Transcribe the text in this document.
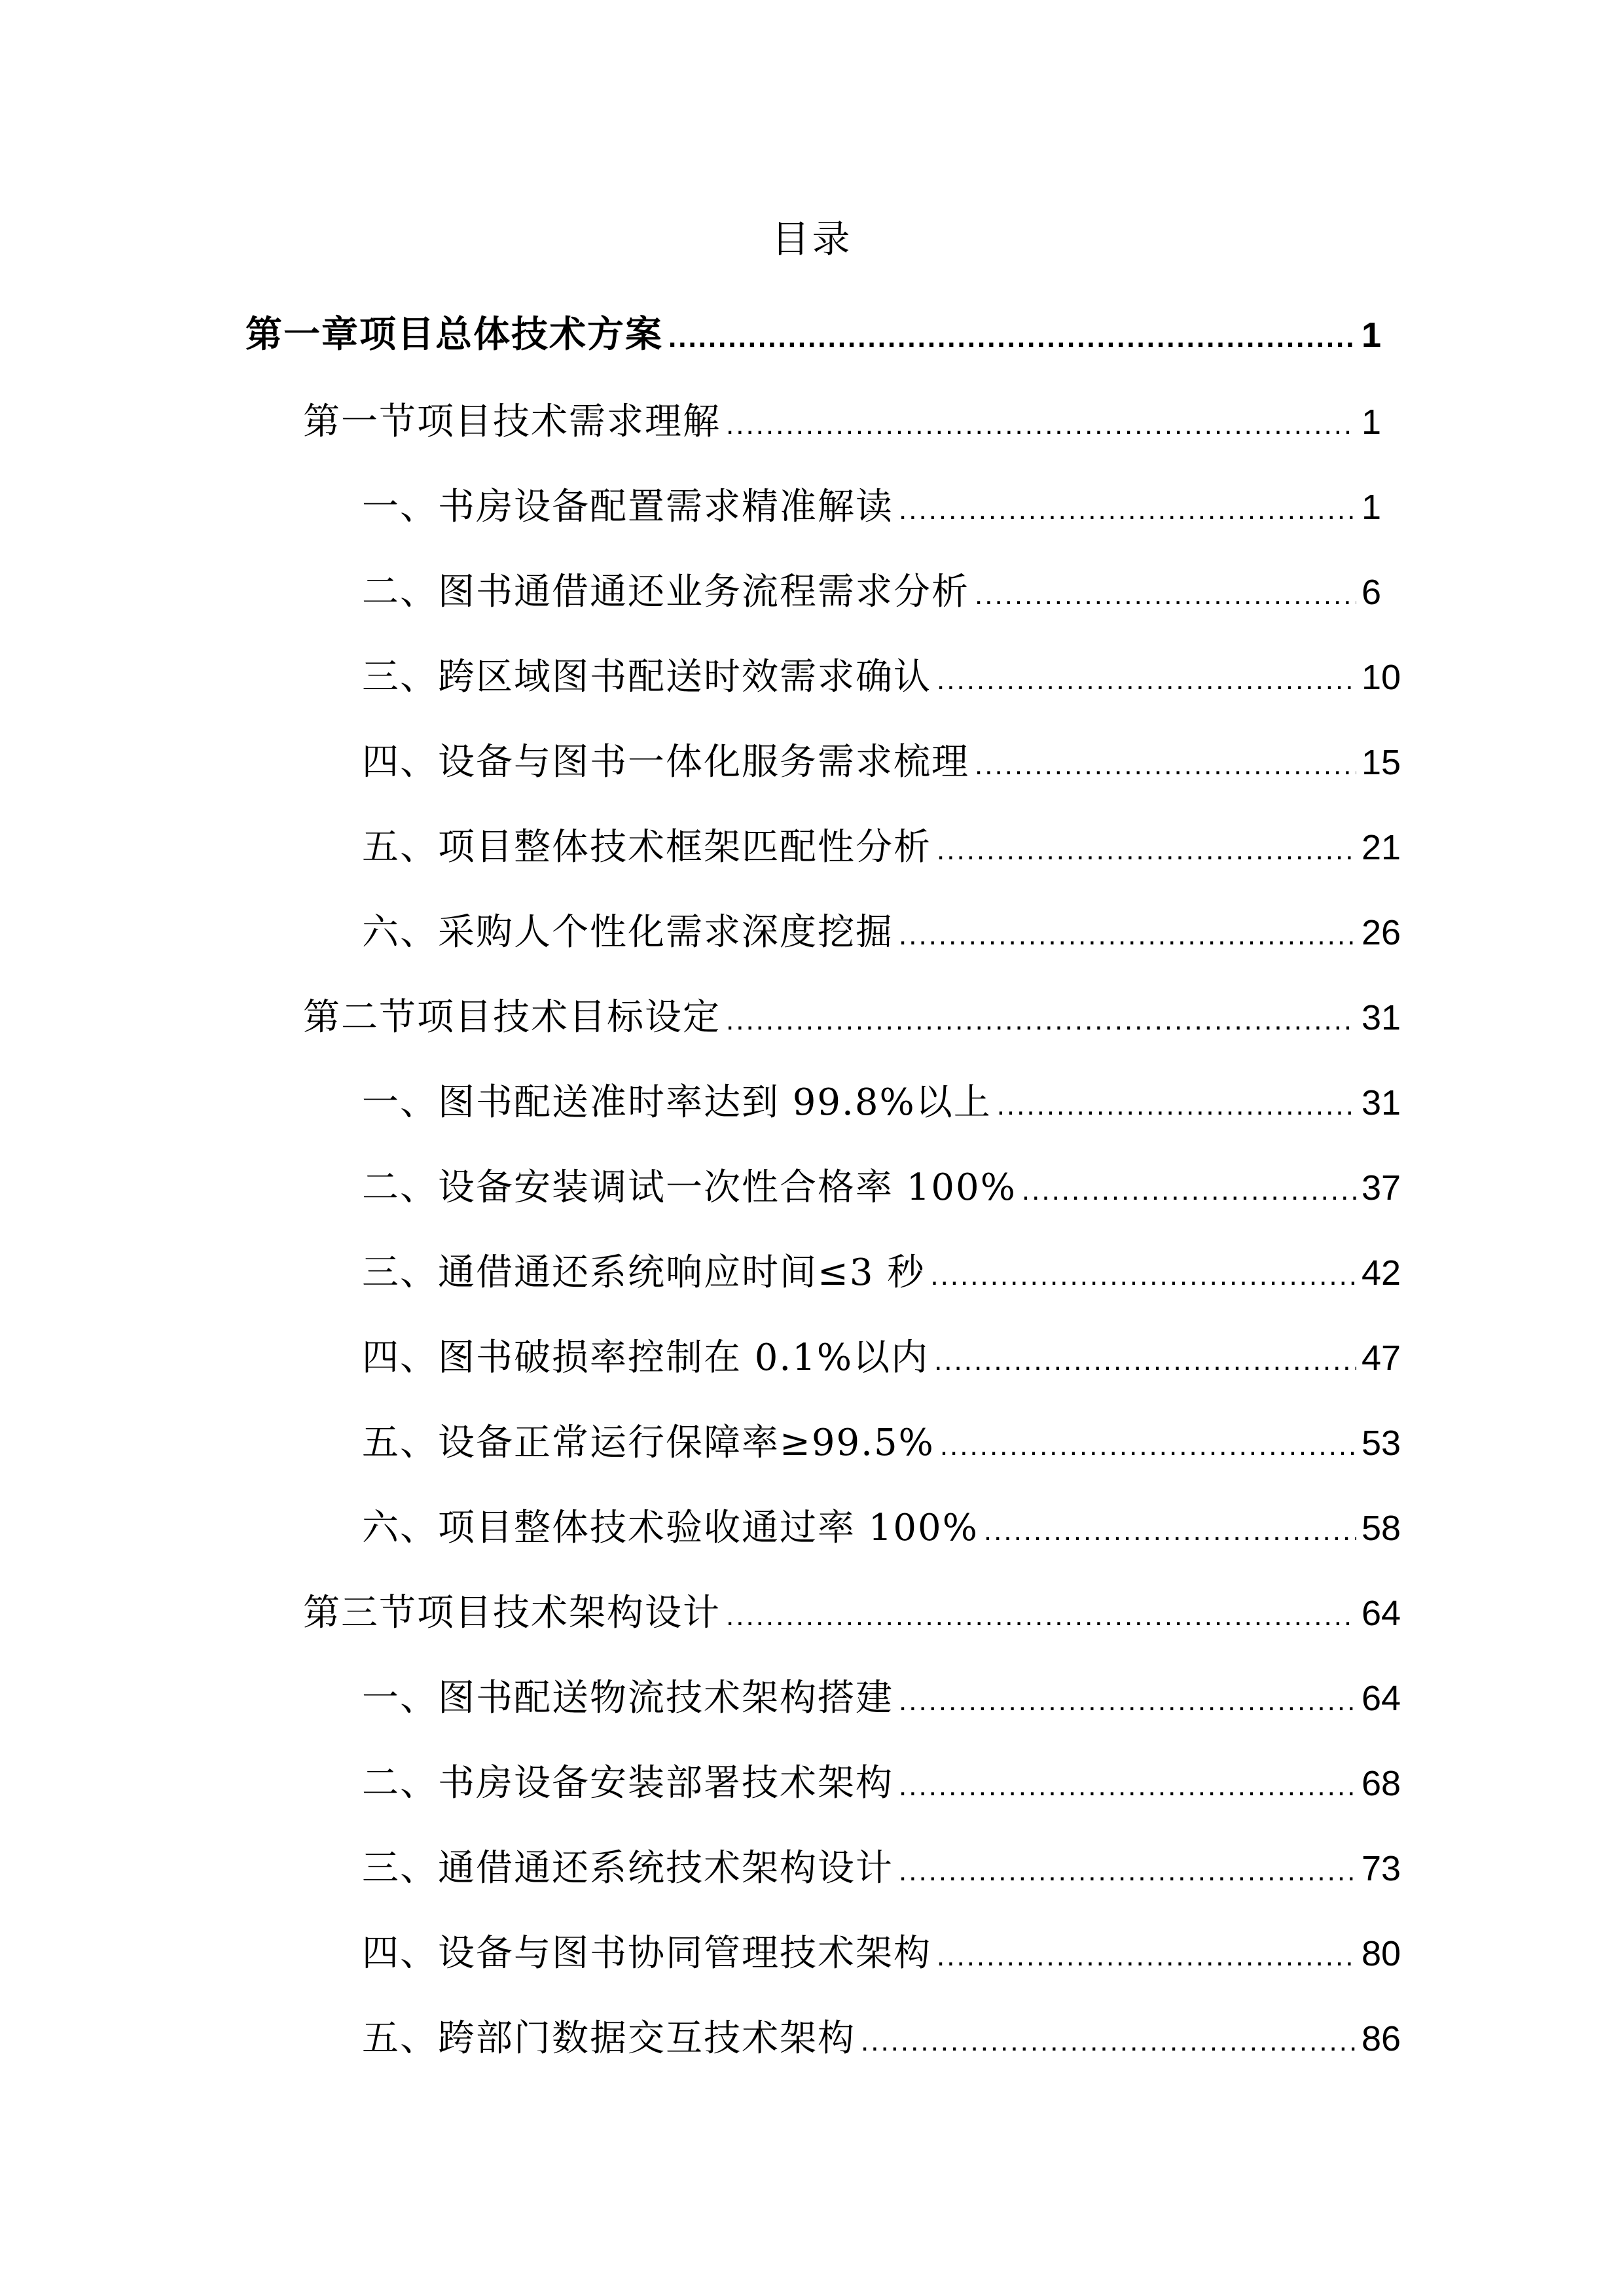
目录
第一章项目总体技术方案 .....	1
第一节项目技术需求理解 .....	1
一、书房设备配置需求精准解读 .....	1
二、图书通借通还业务流程需求分析 .....	6
三、跨区域图书配送时效需求确认 .....	10
四、设备与图书一体化服务需求梳理 .....	15
五、项目整体技术框架匹配性分析 .....	21
六、采购人个性化需求深度挖掘 .....	26
第二节项目技术目标设定 .....	31
一、图书配送准时率达到 99.8%以上 .....	31
二、设备安装调试一次性合格率 100% .....	37
三、通借通还系统响应时间≤3 秒 .....	42
四、图书破损率控制在 0.1%以内 .....	47
五、设备正常运行保障率≥99.5% .....	53
六、项目整体技术验收通过率 100% .....	58
第三节项目技术架构设计 .....	64
一、图书配送物流技术架构搭建 .....	64
二、书房设备安装部署技术架构 .....	68
三、通借通还系统技术架构设计 .....	73
四、设备与图书协同管理技术架构 .....	80
五、跨部门数据交互技术架构 .....	86
